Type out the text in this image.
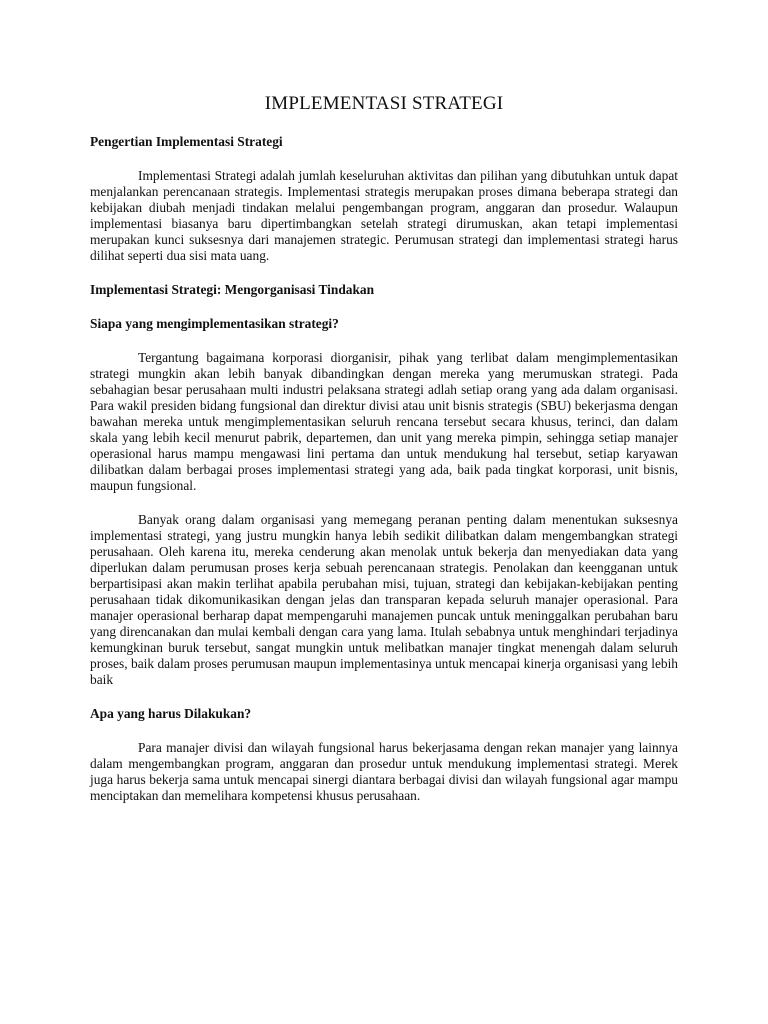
IMPLEMENTASI STRATEGI
Pengertian Implementasi Strategi

Implementasi Strategi adalah jumlah keseluruhan aktivitas dan pilihan yang dibutuhkan untuk dapat menjalankan perencanaan strategis. Implementasi strategis merupakan proses dimana beberapa strategi dan kebijakan diubah menjadi tindakan melalui pengembangan program, anggaran dan prosedur. Walaupun implementasi biasanya baru dipertimbangkan setelah strategi dirumuskan, akan tetapi implementasi merupakan kunci suksesnya dari manajemen strategic. Perumusan strategi dan implementasi strategi harus dilihat seperti dua sisi mata uang.

Implementasi Strategi: Mengorganisasi Tindakan
Siapa yang mengimplementasikan strategi?

Tergantung bagaimana korporasi diorganisir, pihak yang terlibat dalam mengimplementasikan strategi mungkin akan lebih banyak dibandingkan dengan mereka yang merumuskan strategi. Pada sebahagian besar perusahaan multi industri pelaksana strategi adlah setiap orang yang ada dalam organisasi. Para wakil presiden bidang fungsional dan direktur divisi atau unit bisnis strategis (SBU) bekerjasma dengan bawahan mereka untuk mengimplementasikan seluruh rencana tersebut secara khusus, terinci, dan dalam skala yang lebih kecil menurut pabrik, departemen, dan unit yang mereka pimpin, sehingga setiap manajer operasional harus mampu mengawasi lini pertama dan untuk mendukung hal tersebut, setiap karyawan dilibatkan dalam berbagai proses implementasi strategi yang ada, baik pada tingkat korporasi, unit bisnis, maupun fungsional.

Banyak orang dalam organisasi yang memegang peranan penting dalam menentukan suksesnya implementasi strategi, yang justru mungkin hanya lebih sedikit dilibatkan dalam mengembangkan strategi perusahaan. Oleh karena itu, mereka cenderung akan menolak untuk bekerja dan menyediakan data yang diperlukan dalam perumusan proses kerja sebuah perencanaan strategis. Penolakan dan keengganan untuk berpartisipasi akan makin terlihat apabila perubahan misi, tujuan, strategi dan kebijakan-kebijakan penting perusahaan tidak dikomunikasikan dengan jelas dan transparan kepada seluruh manajer operasional. Para manajer operasional berharap dapat mempengaruhi manajemen puncak untuk meninggalkan perubahan baru yang direncanakan dan mulai kembali dengan cara yang lama. Itulah sebabnya untuk menghindari terjadinya kemungkinan buruk tersebut, sangat mungkin untuk melibatkan manajer tingkat menengah dalam seluruh proses, baik dalam proses perumusan maupun implementasinya untuk mencapai kinerja organisasi yang lebih baik

Apa yang harus Dilakukan?

Para manajer divisi dan wilayah fungsional harus bekerjasama dengan rekan manajer yang lainnya dalam mengembangkan program, anggaran dan prosedur untuk mendukung implementasi strategi. Merek juga harus bekerja sama untuk mencapai sinergi diantara berbagai divisi dan wilayah fungsional agar mampu menciptakan dan memelihara kompetensi khusus perusahaan.
